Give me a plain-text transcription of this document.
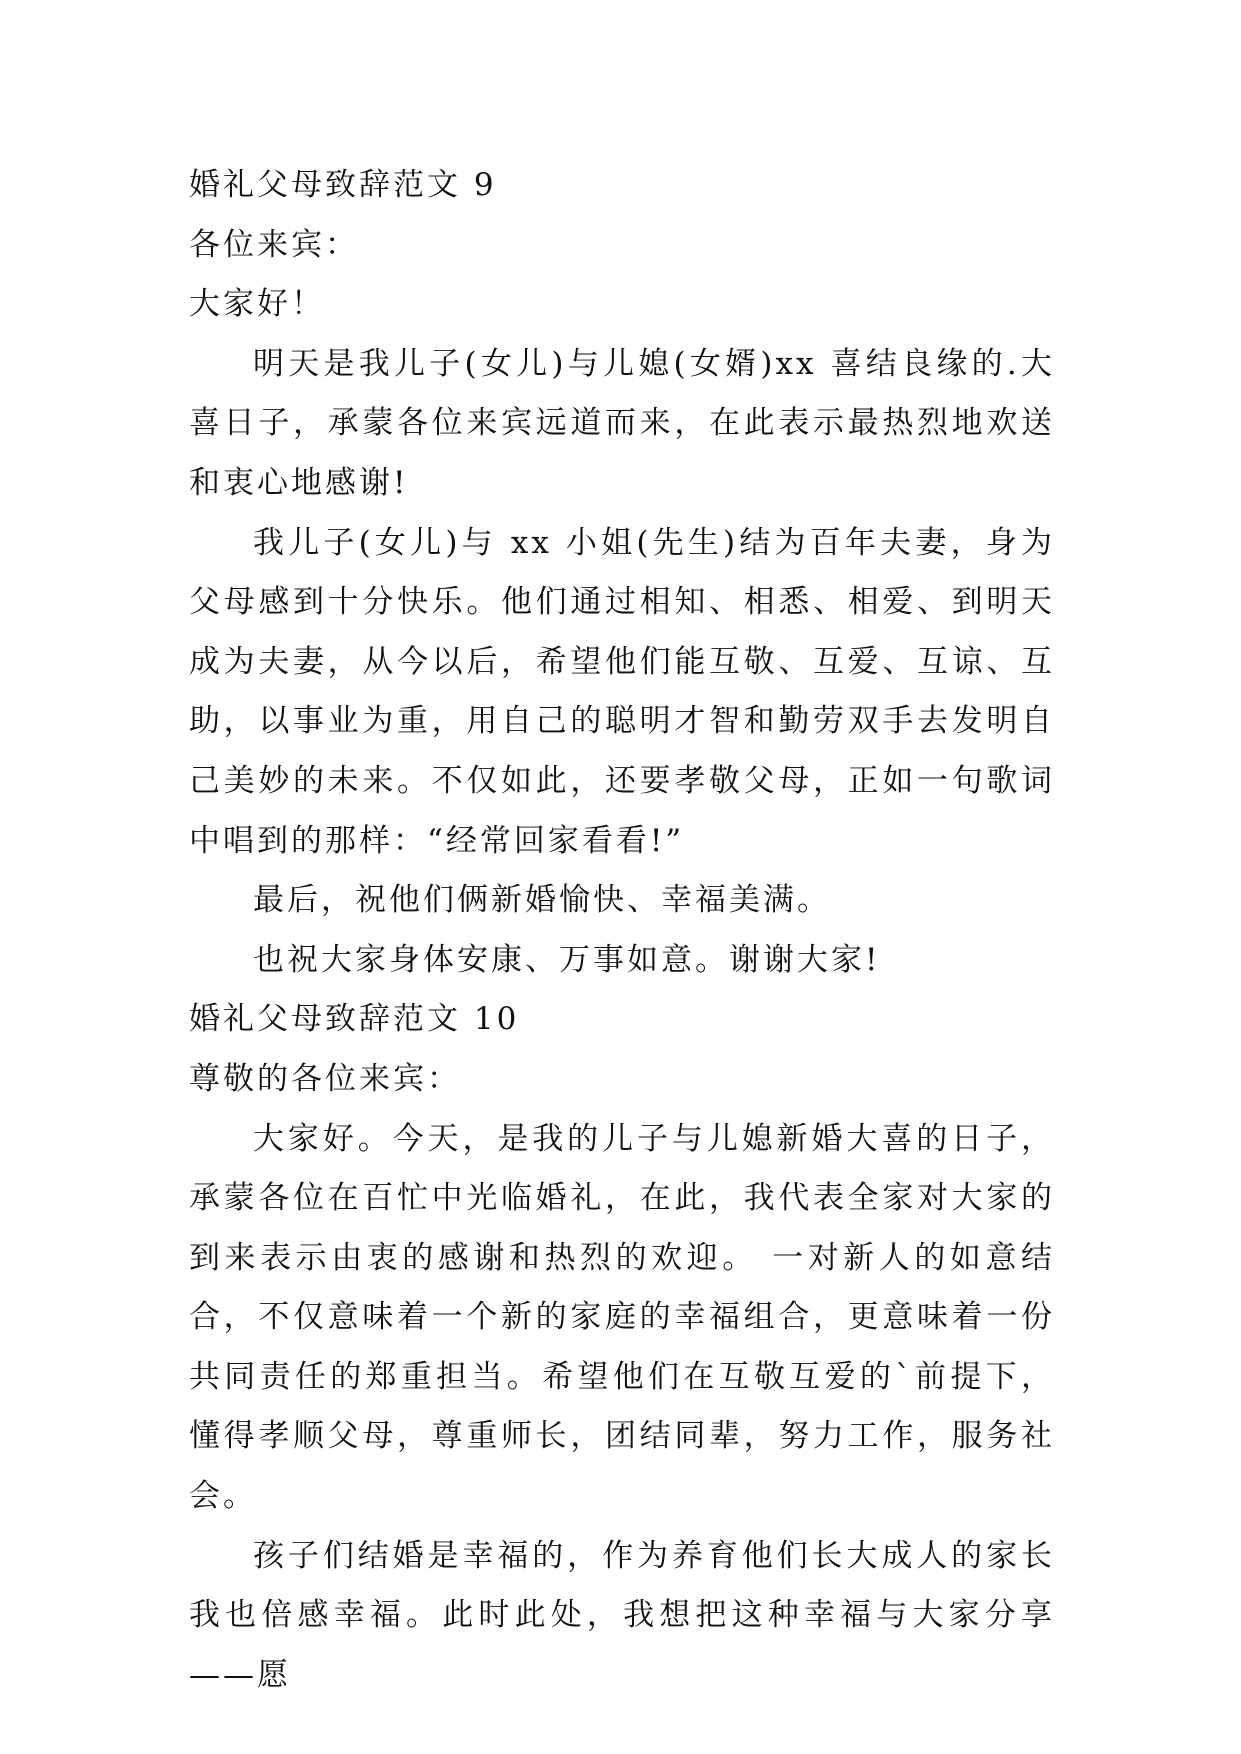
婚礼父母致辞范文 9

各位来宾：

大家好！

明天是我儿子(女儿)与儿媳(女婿)xx 喜结良缘的.大喜日子，承蒙各位来宾远道而来，在此表示最热烈地欢送和衷心地感谢!

我儿子(女儿)与 xx 小姐(先生)结为百年夫妻，身为父母感到十分快乐。他们通过相知、相悉、相爱、到明天成为夫妻，从今以后，希望他们能互敬、互爱、互谅、互助，以事业为重，用自己的聪明才智和勤劳双手去发明自己美妙的未来。不仅如此，还要孝敬父母，正如一句歌词中唱到的那样：“经常回家看看!”

最后，祝他们俩新婚愉快、幸福美满。

也祝大家身体安康、万事如意。谢谢大家!

婚礼父母致辞范文 10

尊敬的各位来宾：

大家好。今天，是我的儿子与儿媳新婚大喜的日子，承蒙各位在百忙中光临婚礼，在此，我代表全家对大家的到来表示由衷的感谢和热烈的欢迎。 一对新人的如意结合，不仅意味着一个新的家庭的幸福组合，更意味着一份共同责任的郑重担当。希望他们在互敬互爱的`前提下，懂得孝顺父母，尊重师长，团结同辈，努力工作，服务社会。

孩子们结婚是幸福的，作为养育他们长大成人的家长我也倍感幸福。此时此处，我想把这种幸福与大家分享——愿
